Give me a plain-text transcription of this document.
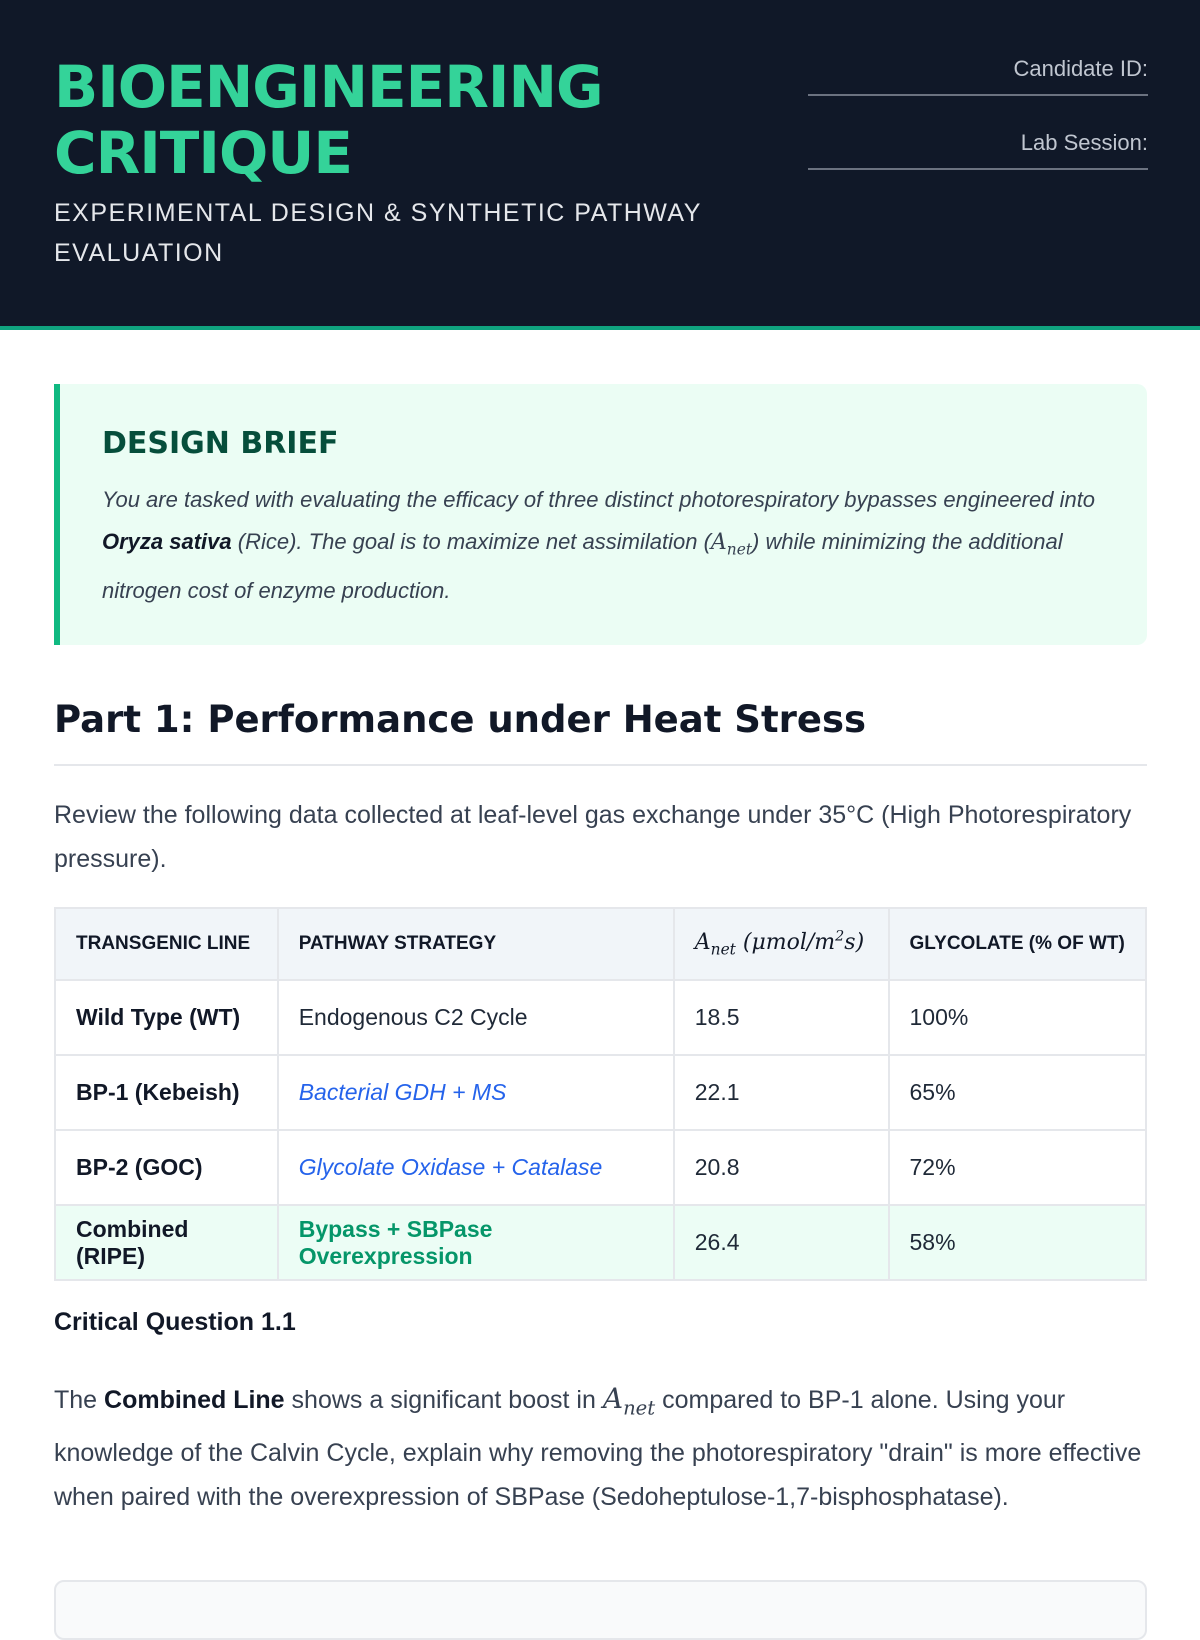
BIOENGINEERING CRITIQUE
EXPERIMENTAL DESIGN & SYNTHETIC PATHWAY EVALUATION
Candidate ID:
Lab Session:
DESIGN BRIEF
You are tasked with evaluating the efficacy of three distinct photorespiratory bypasses engineered into Oryza sativa (Rice). The goal is to maximize net assimilation $(A_{net})$ while minimizing the additional nitrogen cost of enzyme production.
Part 1: Performance under Heat Stress
Review the following data collected at leaf-level gas exchange under 35°C (High Photorespiratory pressure).
TRANSGENIC LINE	PATHWAY STRATEGY	$A_{net}$ $(\mu mol/m^2s)$	GLYCOLATE (% OF WT)
Wild Type (WT)	Endogenous C2 Cycle	18.5	100%
BP-1 (Kebeish)	Bacterial GDH + MS	22.1	65%
BP-2 (GOC)	Glycolate Oxidase + Catalase	20.8	72%
Combined (RIPE)	Bypass + SBPase Overexpression	26.4	58%
Critical Question 1.1
The Combined Line shows a significant boost in $A_{net}$ compared to BP-1 alone. Using your knowledge of the Calvin Cycle, explain why removing the photorespiratory "drain" is more effective when paired with the overexpression of SBPase (Sedoheptulose-1,7-bisphosphatase).
